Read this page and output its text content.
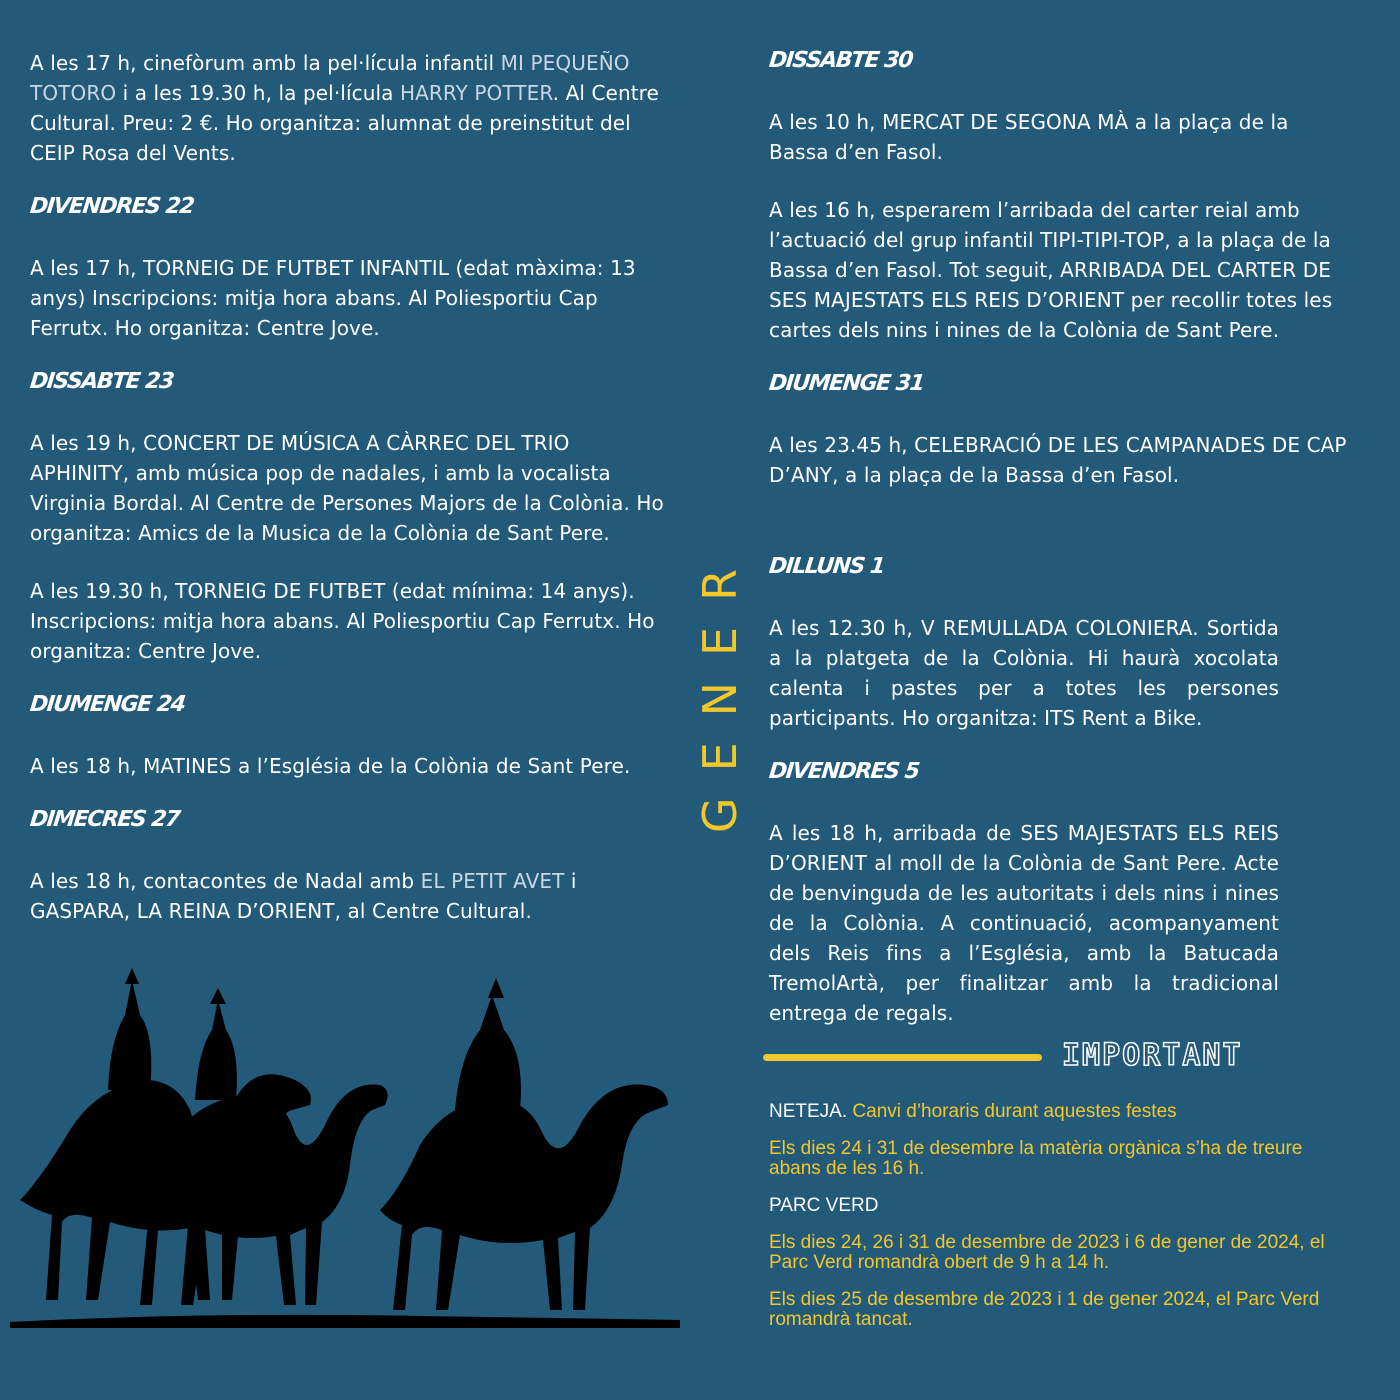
A les 17 h, cinefòrum amb la pel·lícula infantil MI PEQUEÑO TOTORO i a les 19.30 h, la pel·lícula HARRY POTTER. Al Centre Cultural. Preu: 2 €. Ho organitza: alumnat de preinstitut del CEIP Rosa del Vents.

DIVENDRES 22

A les 17 h, TORNEIG DE FUTBET INFANTIL (edat màxima: 13 anys) Inscripcions: mitja hora abans. Al Poliesportiu Cap Ferrutx. Ho organitza: Centre Jove.

DISSABTE 23

A les 19 h, CONCERT DE MÚSICA A CÀRREC DEL TRIO APHINITY, amb música pop de nadales, i amb la vocalista Virginia Bordal. Al Centre de Persones Majors de la Colònia. Ho organitza: Amics de la Musica de la Colònia de Sant Pere.

A les 19.30 h, TORNEIG DE FUTBET (edat mínima: 14 anys). Inscripcions: mitja hora abans. Al Poliesportiu Cap Ferrutx. Ho organitza: Centre Jove.

DIUMENGE 24

A les 18 h, MATINES a l’Església de la Colònia de Sant Pere.

DIMECRES 27

A les 18 h, contacontes de Nadal amb EL PETIT AVET i GASPARA, LA REINA D’ORIENT, al Centre Cultural.

DISSABTE 30

A les 10 h, MERCAT DE SEGONA MÀ a la plaça de la Bassa d’en Fasol.

A les 16 h, esperarem l’arribada del carter reial amb l’actuació del grup infantil TIPI-TIPI-TOP, a la plaça de la Bassa d’en Fasol. Tot seguit, ARRIBADA DEL CARTER DE SES MAJESTATS ELS REIS D’ORIENT per recollir totes les cartes dels nins i nines de la Colònia de Sant Pere.

DIUMENGE 31

A les 23.45 h, CELEBRACIÓ DE LES CAMPANADES DE CAP D’ANY, a la plaça de la Bassa d’en Fasol.

DILLUNS 1

A les 12.30 h, V REMULLADA COLONIERA. Sortida a la platgeta de la Colònia. Hi haurà xocolata calenta i pastes per a totes les persones participants. Ho organitza: ITS Rent a Bike.

DIVENDRES 5

A les 18 h, arribada de SES MAJESTATS ELS REIS D’ORIENT al moll de la Colònia de Sant Pere. Acte de benvinguda de les autoritats i dels nins i nines de la Colònia. A continuació, acompanyament dels Reis fins a l’Església, amb la Batucada TremolArtà, per finalitzar amb la tradicional entrega de regals.

GENER
IMPORTANT

NETEJA. Canvi d’horaris durant aquestes festes

Els dies 24 i 31 de desembre la matèria orgànica s’ha de treure abans de les 16 h.

PARC VERD

Els dies 24, 26 i 31 de desembre de 2023 i 6 de gener de 2024, el Parc Verd romandrà obert de 9 h a 14 h.

Els dies 25 de desembre de 2023 i 1 de gener 2024, el Parc Verd romandrà tancat.
